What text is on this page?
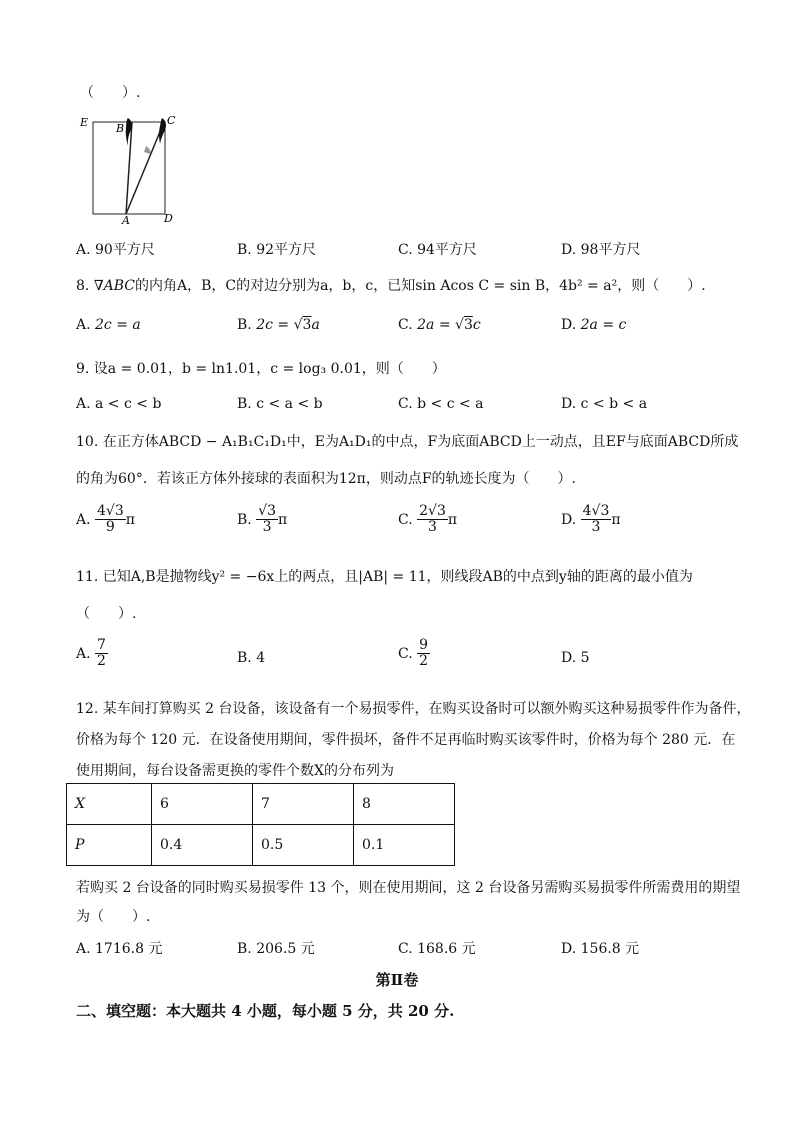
（　　）.
E	B
C
A	D
A. 90平方尺	B. 92平方尺	C. 94平方尺	D. 98平方尺
8. ∇ABC的内角A，B，C的对边分别为a，b，c，已知sin Acos C = sin B，4b² = a²，则（　　）.
A. 2c = a	B. 2c = √3a	C. 2a = √3c	D. 2a = c
9. 设a = 0.01，b = ln1.01，c = log₃ 0.01，则（　　）
A. a < c < b	B. c < a < b	C. b < c < a	D. c < b < a
10. 在正方体ABCD − A₁B₁C₁D₁中，E为A₁D₁的中点，F为底面ABCD上一动点，且EF与底面ABCD所成
的角为60°．若该正方体外接球的表面积为12π，则动点F的轨迹长度为（　　）.
A. $\frac{4√3}{9}$ π	B. $\frac{√3}{3}$ π	C. $\frac{2√3}{3}$ π	D. $\frac{4√3}{3}$ π
11. 已知A,B是抛物线y² = −6x上的两点，且|AB| = 11，则线段AB的中点到y轴的距离的最小值为
（　　）.
A. $\frac{7}{2}$	B. 4	C. $\frac{9}{2}$	D. 5
12. 某车间打算购买 2 台设备，该设备有一个易损零件，在购买设备时可以额外购买这种易损零件作为备件，
价格为每个 120 元．在设备使用期间，零件损坏，备件不足再临时购买该零件时，价格为每个 280 元．在
使用期间，每台设备需更换的零件个数X的分布列为
X	6	7	8
P	0.4	0.5	0.1
若购买 2 台设备的同时购买易损零件 13 个，则在使用期间，这 2 台设备另需购买易损零件所需费用的期望
为（　　）.
A. 1716.8 元	B. 206.5 元	C. 168.6 元	D. 156.8 元
第Ⅱ卷
二、填空题：本大题共 4 小题，每小题 5 分，共 20 分.
